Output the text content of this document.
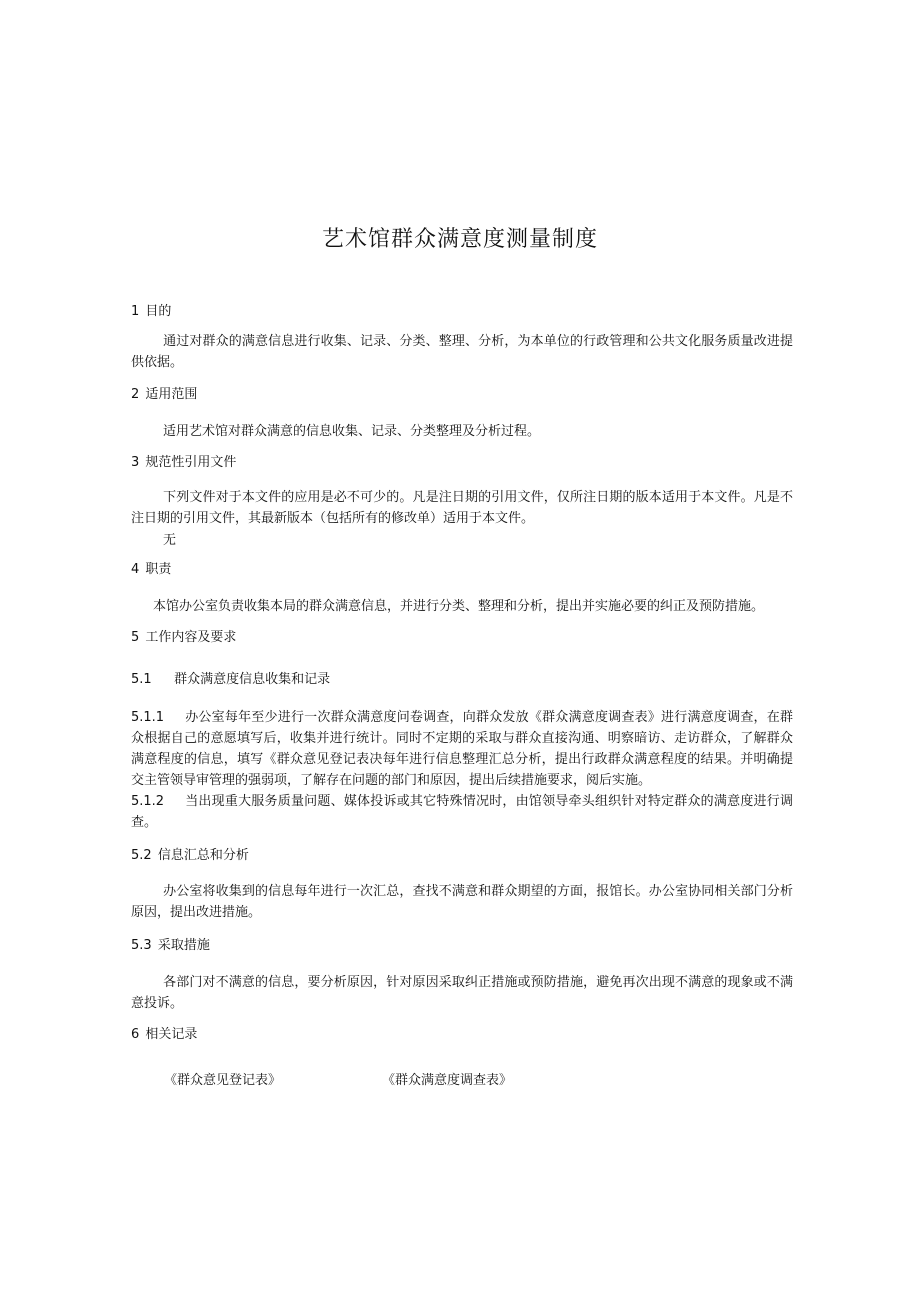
艺术馆群众满意度测量制度
1 目的
通过对群众的满意信息进行收集、记录、分类、整理、分析，为本单位的行政管理和公共文化服务质量改进提供依据。
2 适用范围
适用艺术馆对群众满意的信息收集、记录、分类整理及分析过程。
3 规范性引用文件
下列文件对于本文件的应用是必不可少的。凡是注日期的引用文件，仅所注日期的版本适用于本文件。凡是不注日期的引用文件，其最新版本（包括所有的修改单）适用于本文件。
无
4 职责
本馆办公室负责收集本局的群众满意信息，并进行分类、整理和分析，提出并实施必要的纠正及预防措施。
5 工作内容及要求
5.1 群众满意度信息收集和记录
5.1.1 办公室每年至少进行一次群众满意度问卷调查，向群众发放《群众满意度调查表》进行满意度调查，在群众根据自己的意愿填写后，收集并进行统计。同时不定期的采取与群众直接沟通、明察暗访、走访群众，了解群众满意程度的信息，填写《群众意见登记表决每年进行信息整理汇总分析，提出行政群众满意程度的结果。并明确提交主管领导审管理的强弱项，了解存在问题的部门和原因，提出后续措施要求，阅后实施。
5.1.2 当出现重大服务质量问题、媒体投诉或其它特殊情况时，由馆领导牵头组织针对特定群众的满意度进行调查。
5.2 信息汇总和分析
办公室将收集到的信息每年进行一次汇总，查找不满意和群众期望的方面，报馆长。办公室协同相关部门分析原因，提出改进措施。
5.3 采取措施
各部门对不满意的信息，要分析原因，针对原因采取纠正措施或预防措施，避免再次出现不满意的现象或不满意投诉。
6 相关记录
《群众意见登记表》	《群众满意度调查表》
